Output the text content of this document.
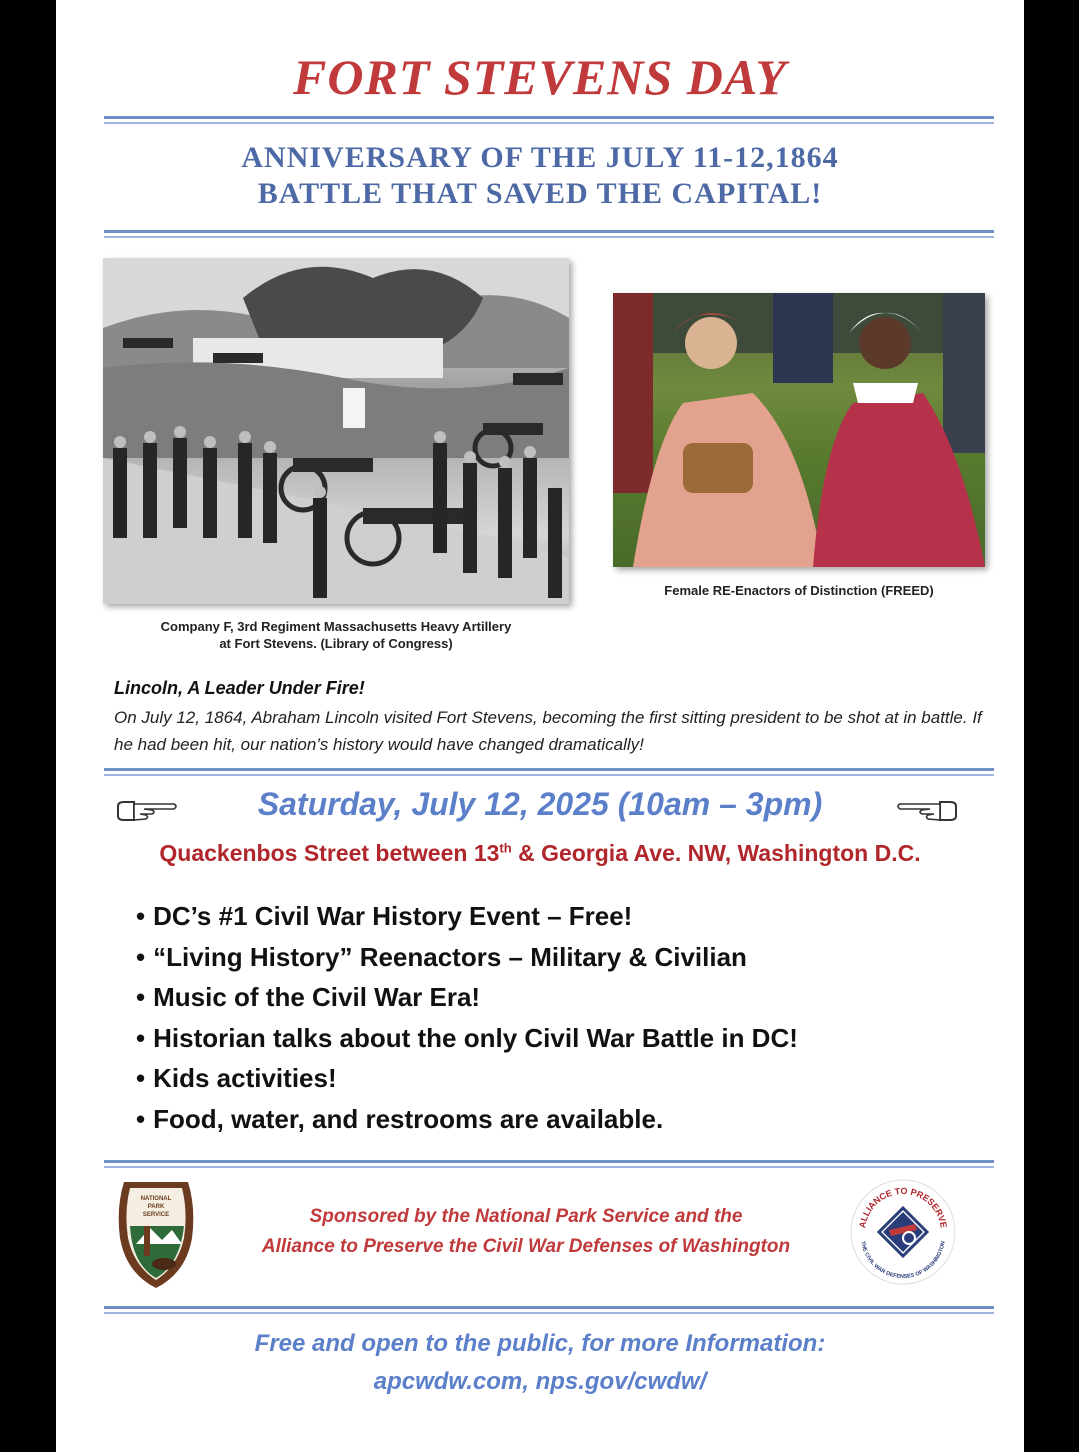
FORT STEVENS DAY
ANNIVERSARY OF THE JULY 11-12,1864
BATTLE THAT SAVED THE CAPITAL!
Company F, 3rd Regiment Massachusetts Heavy Artillery
at Fort Stevens. (Library of Congress)
Female RE-Enactors of Distinction (FREED)
Lincoln, A Leader Under Fire!
On July 12, 1864, Abraham Lincoln visited Fort Stevens, becoming the first sitting president to be shot at in battle. If he had been hit, our nation’s history would have changed dramatically!
Saturday, July 12, 2025 (10am – 3pm)
Quackenbos Street between 13th & Georgia Ave. NW, Washington D.C.
• DC’s #1 Civil War History Event – Free!
• “Living History” Reenactors – Military & Civilian
• Music of the Civil War Era!
• Historian talks about the only Civil War Battle in DC!
• Kids activities!
• Food, water, and restrooms are available.
NATIONAL
PARK
SERVICE	Sponsored by the National Park Service and the
Alliance to Preserve the Civil War Defenses of Washington
ALLIANCE TO PRESERVE
THE CIVIL WAR DEFENSES OF WASHINGTON
Free and open to the public, for more Information:
apcwdw.com, nps.gov/cwdw/
